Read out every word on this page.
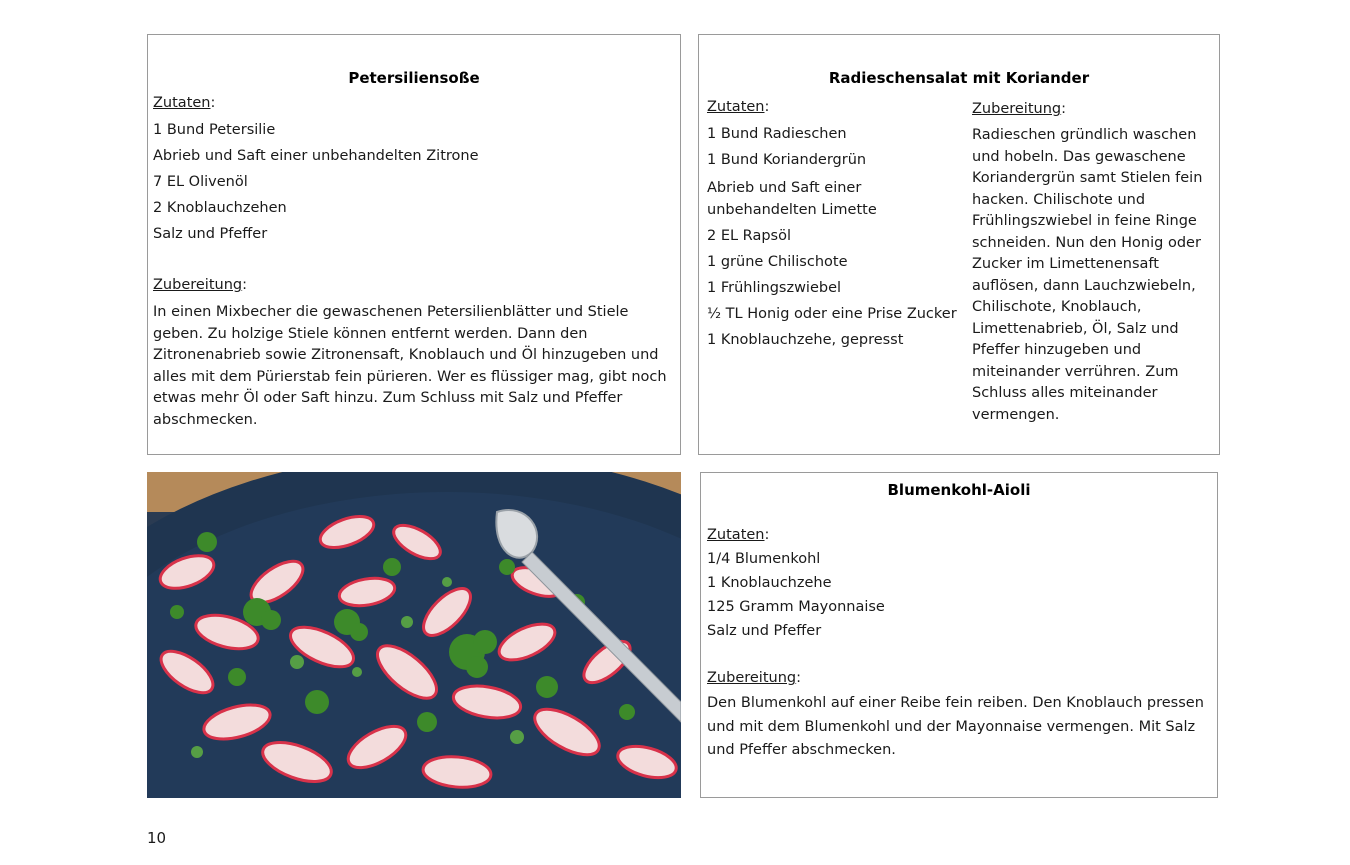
Petersiliensoße
Zutaten:
1 Bund Petersilie
Abrieb und Saft einer unbehandelten Zitrone
7 EL Olivenöl
2 Knoblauchzehen
Salz und Pfeffer
Zubereitung:
In einen Mixbecher die gewaschenen Petersilienblätter und Stiele geben. Zu holzige Stiele können entfernt werden. Dann den Zitronenabrieb sowie Zitronensaft, Knoblauch und Öl hinzugeben und alles mit dem Pürierstab fein pürieren. Wer es flüssiger mag, gibt noch etwas mehr Öl oder Saft hinzu. Zum Schluss mit Salz und Pfeffer abschmecken.
Radieschensalat mit Koriander
Zutaten:
1 Bund Radieschen
1 Bund Koriandergrün
Abrieb und Saft einer unbehandelten Limette
2 EL Rapsöl
1 grüne Chilischote
1 Frühlingszwiebel
½ TL Honig oder eine Prise Zucker
1 Knoblauchzehe, gepresst
Zubereitung:
Radieschen gründlich waschen und hobeln. Das gewaschene Koriandergrün samt Stielen fein hacken. Chilischote und Frühlingszwiebel in feine Ringe schneiden. Nun den Honig oder Zucker im Limettenensaft auflösen, dann Lauchzwiebeln, Chilischote, Knoblauch, Limettenabrieb, Öl, Salz und Pfeffer hinzugeben und miteinander verrühren. Zum Schluss alles miteinander vermengen.
Blumenkohl-Aioli
Zutaten:
1/4 Blumenkohl
1 Knoblauchzehe
125 Gramm Mayonnaise
Salz und Pfeffer
Zubereitung:
Den Blumenkohl auf einer Reibe fein reiben. Den Knoblauch pressen und mit dem Blumenkohl und der Mayonnaise vermengen. Mit Salz und Pfeffer abschmecken.
10
